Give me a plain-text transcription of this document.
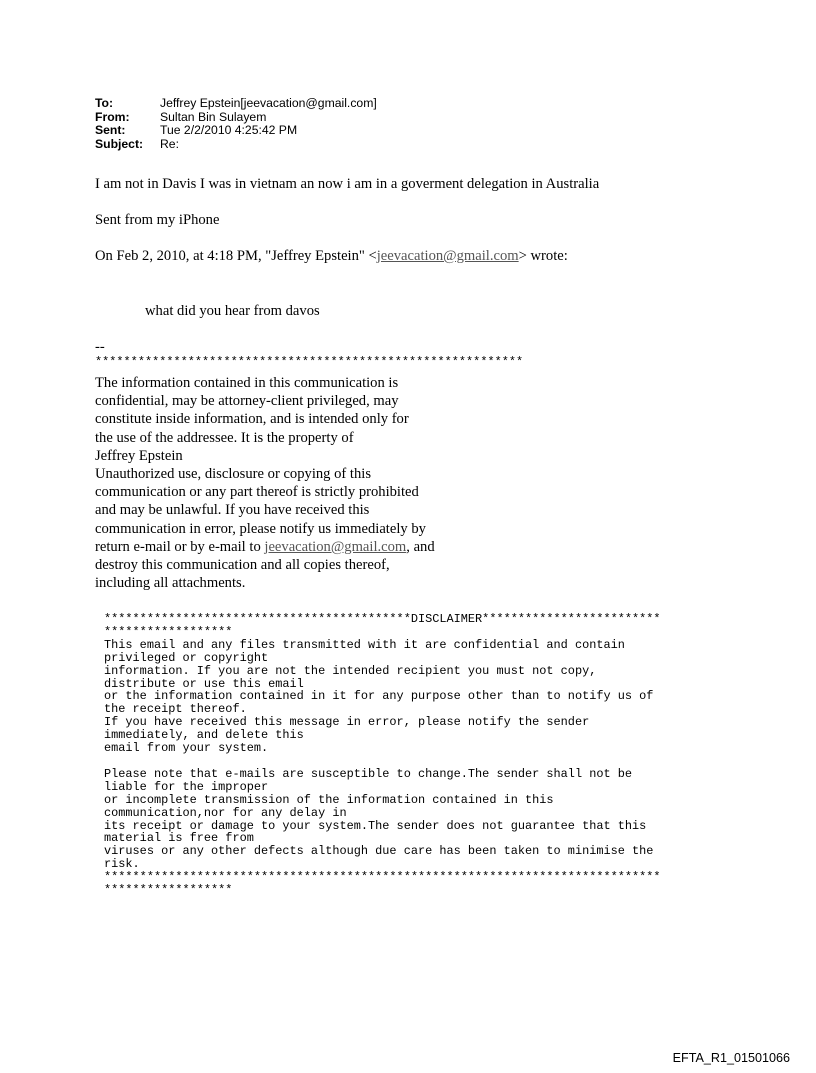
To:	Jeffrey Epstein[jeevacation@gmail.com]
From:	Sultan Bin Sulayem
Sent:	Tue 2/2/2010 4:25:42 PM
Subject:	Re:
I am not in Davis I was in vietnam an now i am in a goverment delegation in Australia
Sent from my iPhone
On Feb 2, 2010, at 4:18 PM, "Jeffrey Epstein" <jeevacation@gmail.com> wrote:
what did you hear from davos
--
************************************************************
The information contained in this communication is
confidential, may be attorney-client privileged, may
constitute inside information, and is intended only for
the use of the addressee. It is the property of
Jeffrey Epstein
Unauthorized use, disclosure or copying of this
communication or any part thereof is strictly prohibited
and may be unlawful. If you have received this
communication in error, please notify us immediately by
return e-mail or by e-mail to jeevacation@gmail.com, and
destroy this communication and all copies thereof,
including all attachments.
*******************************************DISCLAIMER*************************
******************
This email and any files transmitted with it are confidential and contain
privileged or copyright
information. If you are not the intended recipient you must not copy,
distribute or use this email
or the information contained in it for any purpose other than to notify us of
the receipt thereof.
If you have received this message in error, please notify the sender
immediately, and delete this
email from your system.

Please note that e-mails are susceptible to change.The sender shall not be
liable for the improper
or incomplete transmission of the information contained in this
communication,nor for any delay in
its receipt or damage to your system.The sender does not guarantee that this
material is free from
viruses or any other defects although due care has been taken to minimise the
risk.
******************************************************************************
******************
EFTA_R1_01501066
